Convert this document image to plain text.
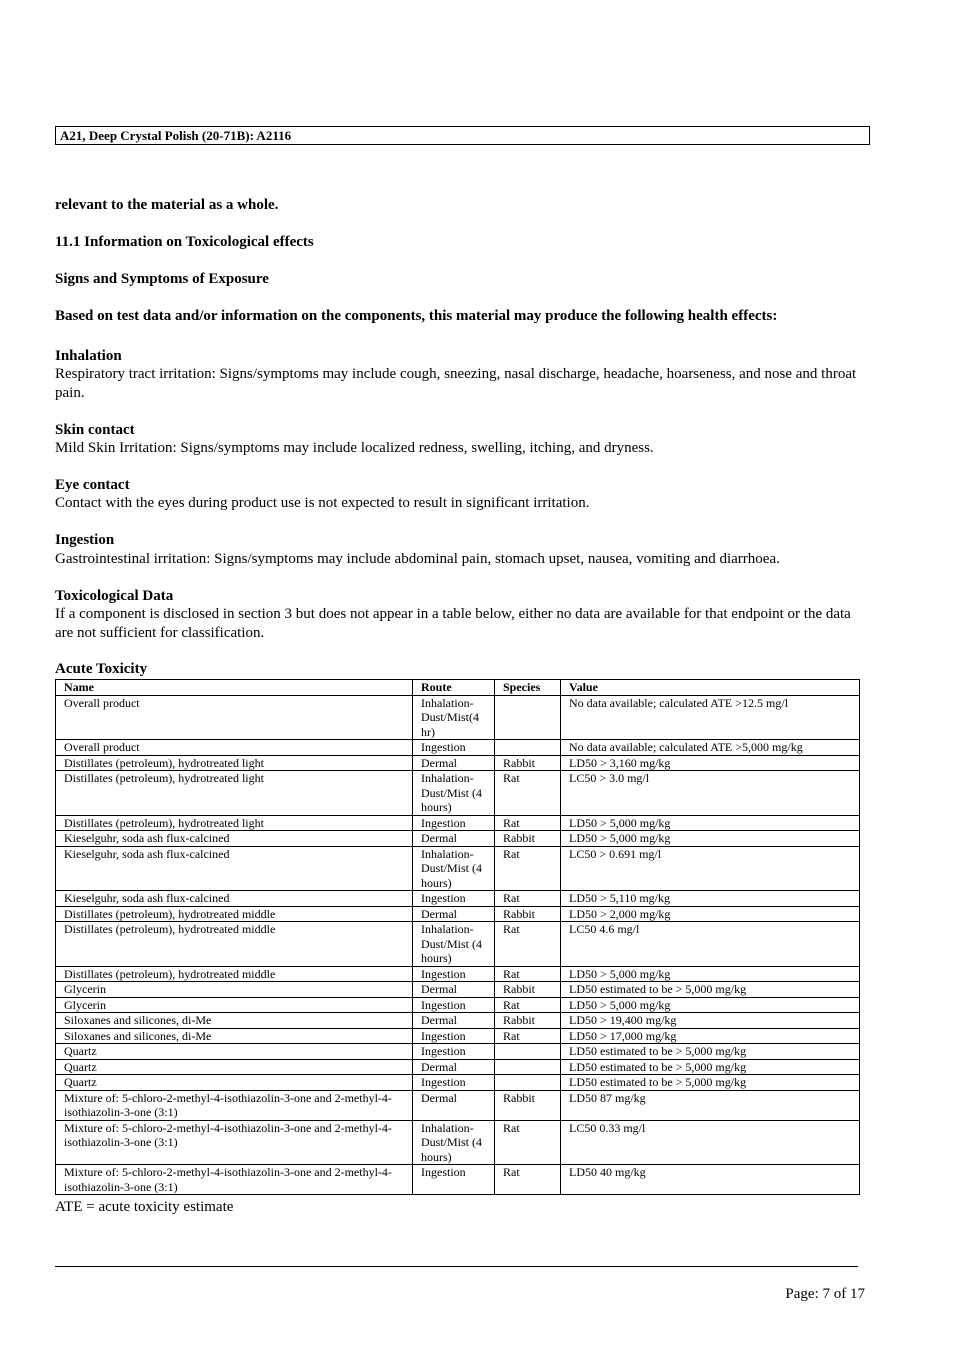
A21, Deep Crystal Polish (20-71B): A2116
relevant to the material as a whole.
11.1 Information on Toxicological effects
Signs and Symptoms of Exposure
Based on test data and/or information on the components, this material may produce the following health effects:
Inhalation
Respiratory tract irritation: Signs/symptoms may include cough, sneezing, nasal discharge, headache, hoarseness, and nose and throat pain.
Skin contact
Mild Skin Irritation: Signs/symptoms may include localized redness, swelling, itching, and dryness.
Eye contact
Contact with the eyes during product use is not expected to result in significant irritation.
Ingestion
Gastrointestinal irritation: Signs/symptoms may include abdominal pain, stomach upset, nausea, vomiting and diarrhoea.
Toxicological Data
If a component is disclosed in section 3 but does not appear in a table below, either no data are available for that endpoint or the data are not sufficient for classification.
Acute Toxicity
Name	Route	Species	Value
Overall product	Inhalation-Dust/Mist(4 hr)		No data available; calculated ATE >12.5 mg/l
Overall product	Ingestion		No data available; calculated ATE >5,000 mg/kg
Distillates (petroleum), hydrotreated light	Dermal	Rabbit	LD50 > 3,160 mg/kg
Distillates (petroleum), hydrotreated light	Inhalation-Dust/Mist (4 hours)	Rat	LC50 > 3.0 mg/l
Distillates (petroleum), hydrotreated light	Ingestion	Rat	LD50 > 5,000 mg/kg
Kieselguhr, soda ash flux-calcined	Dermal	Rabbit	LD50 > 5,000 mg/kg
Kieselguhr, soda ash flux-calcined	Inhalation-Dust/Mist (4 hours)	Rat	LC50 > 0.691 mg/l
Kieselguhr, soda ash flux-calcined	Ingestion	Rat	LD50 > 5,110 mg/kg
Distillates (petroleum), hydrotreated middle	Dermal	Rabbit	LD50 > 2,000 mg/kg
Distillates (petroleum), hydrotreated middle	Inhalation-Dust/Mist (4 hours)	Rat	LC50 4.6 mg/l
Distillates (petroleum), hydrotreated middle	Ingestion	Rat	LD50 > 5,000 mg/kg
Glycerin	Dermal	Rabbit	LD50 estimated to be > 5,000 mg/kg
Glycerin	Ingestion	Rat	LD50 > 5,000 mg/kg
Siloxanes and silicones, di-Me	Dermal	Rabbit	LD50 > 19,400 mg/kg
Siloxanes and silicones, di-Me	Ingestion	Rat	LD50 > 17,000 mg/kg
Quartz	Ingestion		LD50 estimated to be > 5,000 mg/kg
Quartz	Dermal		LD50 estimated to be > 5,000 mg/kg
Quartz	Ingestion		LD50 estimated to be > 5,000 mg/kg
Mixture of: 5-chloro-2-methyl-4-isothiazolin-3-one and 2-methyl-4-isothiazolin-3-one (3:1)	Dermal	Rabbit	LD50 87 mg/kg
Mixture of: 5-chloro-2-methyl-4-isothiazolin-3-one and 2-methyl-4-isothiazolin-3-one (3:1)	Inhalation-Dust/Mist (4 hours)	Rat	LC50 0.33 mg/l
Mixture of: 5-chloro-2-methyl-4-isothiazolin-3-one and 2-methyl-4-isothiazolin-3-one (3:1)	Ingestion	Rat	LD50 40 mg/kg
ATE = acute toxicity estimate
Page: 7 of 17
